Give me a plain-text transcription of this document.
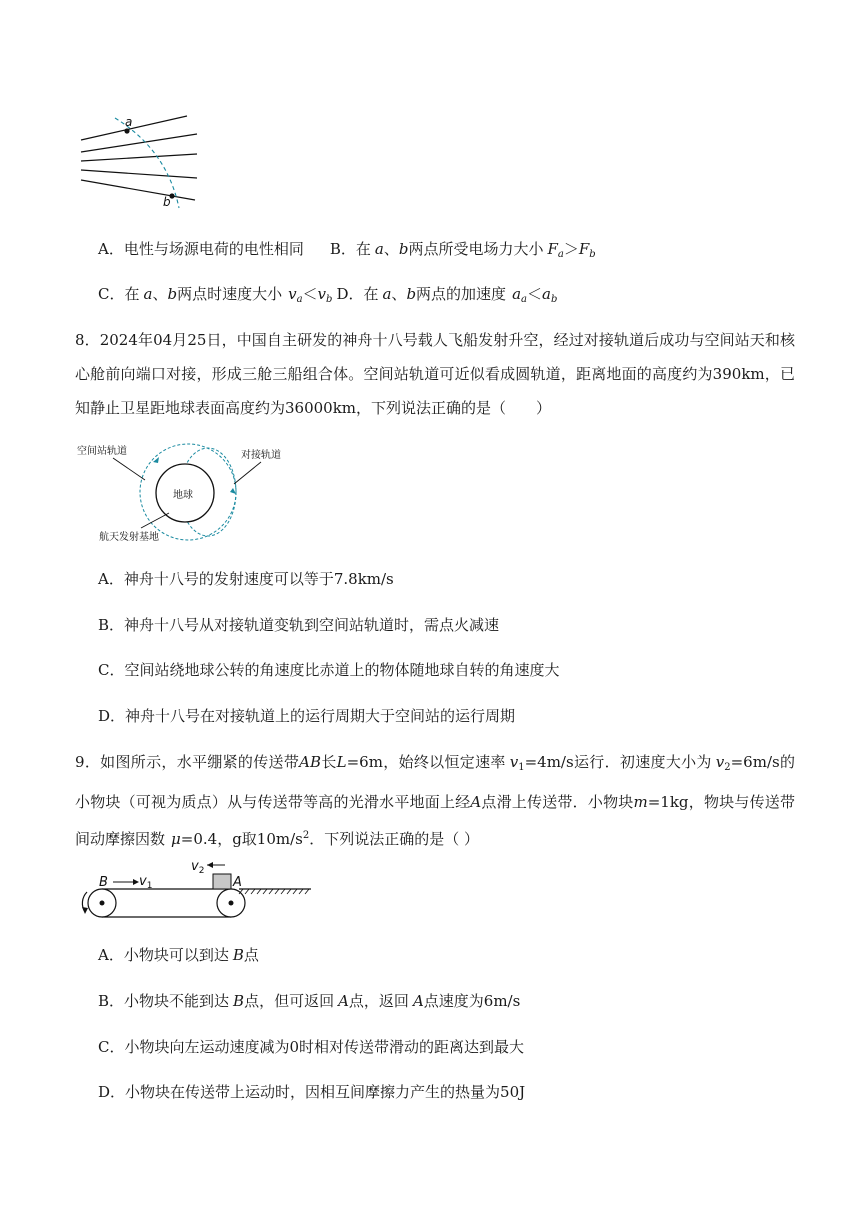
a
b
A．电性与场源电荷的电性相同 B．在 a、b两点所受电场力大小 $F_a>F_b$
C．在 a、b两点时速度大小 $v_a<v_b$ D．在 a、b两点的加速度 $a_a<a_b$
8．2024年04月25日，中国自主研发的神舟十八号载人飞船发射升空，经过对接轨道后成功与空间站天和核心舱前向端口对接，形成三舱三船组合体。空间站轨道可近似看成圆轨道，距离地面的高度约为390km，已知静止卫星距地球表面高度约为36000km，下列说法正确的是（　　）
地球
空间站轨道	对接轨道
航天发射基地
A．神舟十八号的发射速度可以等于7.8km/s
B．神舟十八号从对接轨道变轨到空间站轨道时，需点火减速
C．空间站绕地球公转的角速度比赤道上的物体随地球自转的角速度大
D．神舟十八号在对接轨道上的运行周期大于空间站的运行周期
9．如图所示，水平绷紧的传送带AB长L=6m，始终以恒定速率 $v_1=4m/s$运行．初速度大小为 $v_2=6m/s$的小物块（可视为质点）从与传送带等高的光滑水平地面上经A点滑上传送带．小物块m=1kg，物块与传送带间动摩擦因数 μ=0.4，g取$10m/s^2$．下列说法正确的是（ ）
$v_2$
$v_1$
B	A
A．小物块可以到达 B点
B．小物块不能到达 B点，但可返回 A点，返回 A点速度为6m/s
C．小物块向左运动速度减为0时相对传送带滑动的距离达到最大
D．小物块在传送带上运动时，因相互间摩擦力产生的热量为50J
